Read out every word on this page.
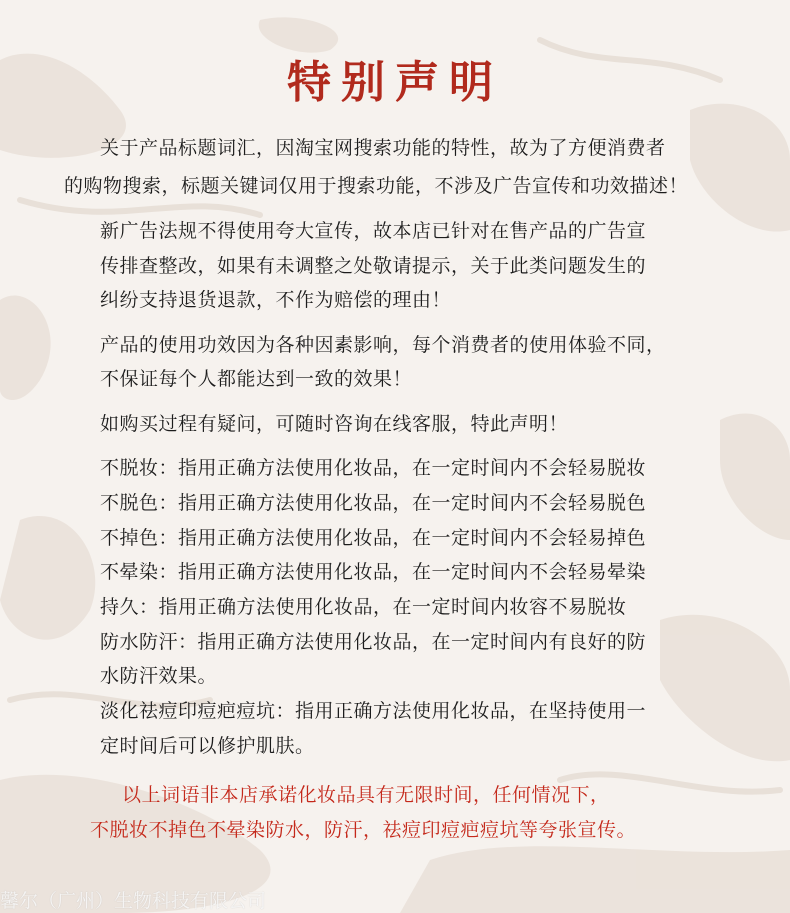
特别声明
关于产品标题词汇，因淘宝网搜索功能的特性，故为了方便消费者
的购物搜索，标题关键词仅用于搜索功能，不涉及广告宣传和功效描述！
新广告法规不得使用夸大宣传，故本店已针对在售产品的广告宣
传排查整改，如果有未调整之处敬请提示，关于此类问题发生的
纠纷支持退货退款，不作为赔偿的理由！
产品的使用功效因为各种因素影响，每个消费者的使用体验不同，
不保证每个人都能达到一致的效果！
如购买过程有疑问，可随时咨询在线客服，特此声明！
不脱妆：指用正确方法使用化妆品，在一定时间内不会轻易脱妆
不脱色：指用正确方法使用化妆品，在一定时间内不会轻易脱色
不掉色：指用正确方法使用化妆品，在一定时间内不会轻易掉色
不晕染：指用正确方法使用化妆品，在一定时间内不会轻易晕染
持久：指用正确方法使用化妆品，在一定时间内妆容不易脱妆
防水防汗：指用正确方法使用化妆品，在一定时间内有良好的防
水防汗效果。
淡化祛痘印痘疤痘坑：指用正确方法使用化妆品，在坚持使用一
定时间后可以修护肌肤。
以上词语非本店承诺化妆品具有无限时间，任何情况下，
不脱妆不掉色不晕染防水，防汗，祛痘印痘疤痘坑等夸张宣传。
馨尔（广州）生物科技有限公司
